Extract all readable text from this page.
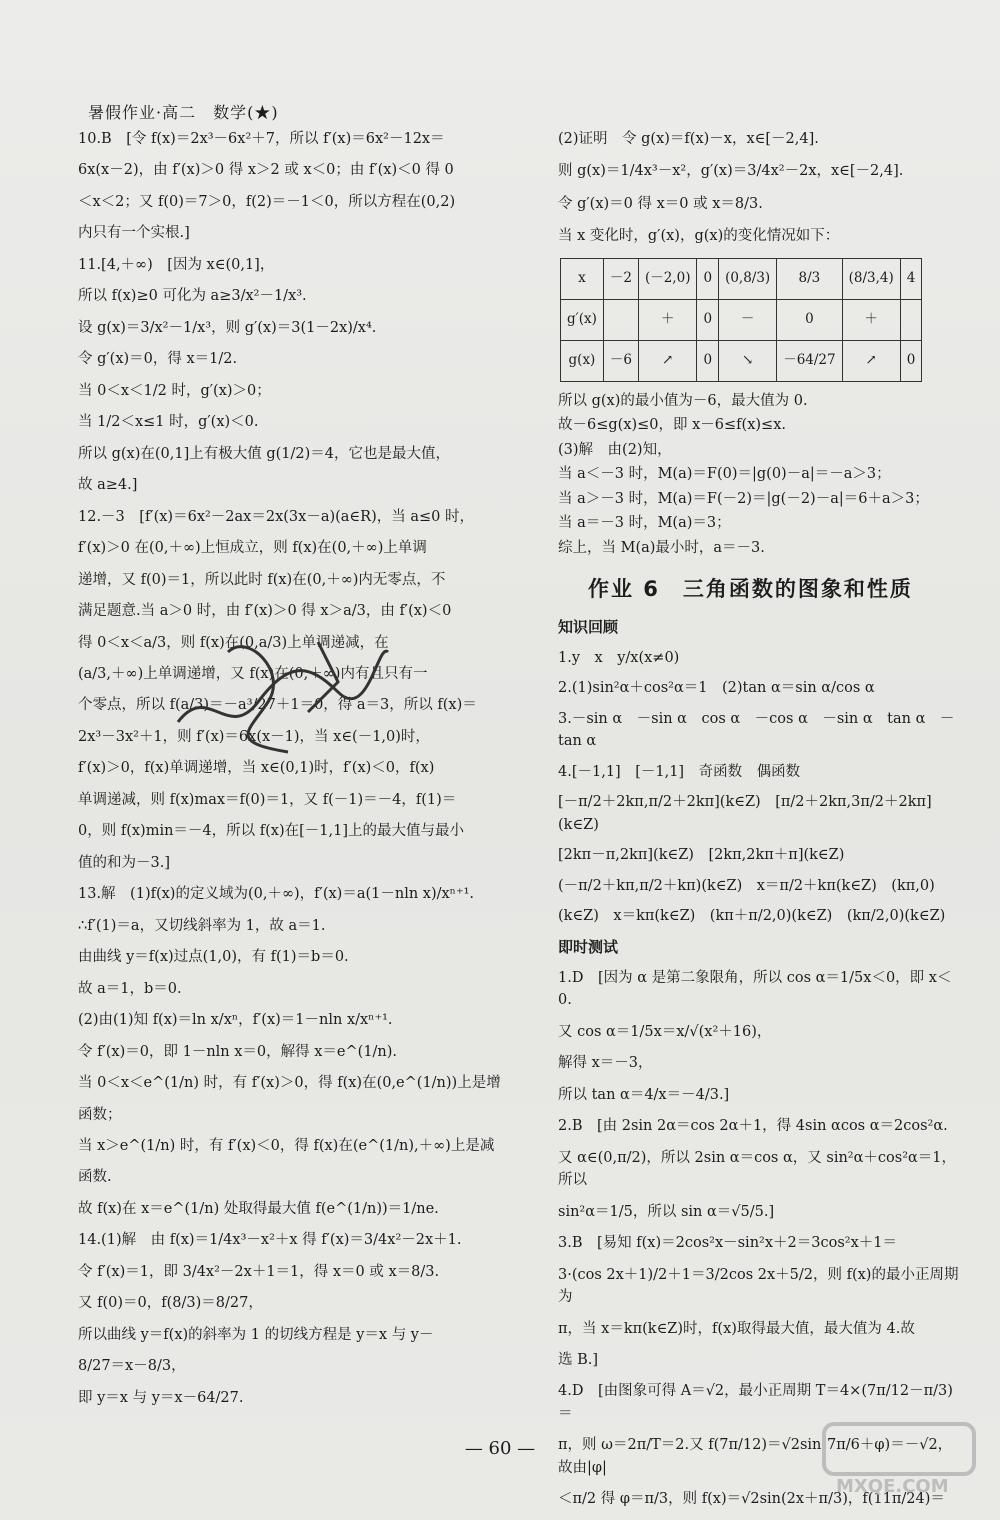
暑假作业·高二　数学(★)
10.B　[令 f(x)＝2x³－6x²＋7，所以 f′(x)＝6x²－12x＝
6x(x－2)，由 f′(x)＞0 得 x＞2 或 x＜0；由 f′(x)＜0 得 0
＜x＜2；又 f(0)＝7＞0，f(2)＝－1＜0，所以方程在(0,2)
内只有一个实根.]
11.[4,＋∞)　[因为 x∈(0,1]，
所以 f(x)≥0 可化为 a≥3/x²－1/x³.
设 g(x)＝3/x²－1/x³，则 g′(x)＝3(1－2x)/x⁴.
令 g′(x)＝0，得 x＝1/2.
当 0＜x＜1/2 时，g′(x)＞0；
当 1/2＜x≤1 时，g′(x)＜0.
所以 g(x)在(0,1]上有极大值 g(1/2)＝4，它也是最大值，
故 a≥4.]
12.－3　[f′(x)＝6x²－2ax＝2x(3x－a)(a∈R)，当 a≤0 时，
f′(x)＞0 在(0,＋∞)上恒成立，则 f(x)在(0,＋∞)上单调
递增，又 f(0)＝1，所以此时 f(x)在(0,＋∞)内无零点，不
满足题意.当 a＞0 时，由 f′(x)＞0 得 x＞a/3，由 f′(x)＜0
得 0＜x＜a/3，则 f(x)在(0,a/3)上单调递减，在
(a/3,＋∞)上单调递增，又 f(x)在(0,＋∞)内有且只有一
个零点，所以 f(a/3)＝－a³/27＋1＝0，得 a＝3，所以 f(x)＝
2x³－3x²＋1，则 f′(x)＝6x(x－1)，当 x∈(－1,0)时，
f′(x)＞0，f(x)单调递增，当 x∈(0,1)时，f′(x)＜0，f(x)
单调递减，则 f(x)max＝f(0)＝1，又 f(－1)＝－4，f(1)＝
0，则 f(x)min＝－4，所以 f(x)在[－1,1]上的最大值与最小
值的和为－3.]
13.解　(1)f(x)的定义域为(0,＋∞)，f′(x)＝a(1－nln x)/xⁿ⁺¹.
∴f′(1)＝a，又切线斜率为 1，故 a＝1.
由曲线 y＝f(x)过点(1,0)，有 f(1)＝b＝0.
故 a＝1，b＝0.
(2)由(1)知 f(x)＝ln x/xⁿ，f′(x)＝1－nln x/xⁿ⁺¹.
令 f′(x)＝0，即 1－nln x＝0，解得 x＝e^(1/n).
当 0＜x＜e^(1/n) 时，有 f′(x)＞0，得 f(x)在(0,e^(1/n))上是增
函数；
当 x＞e^(1/n) 时，有 f′(x)＜0，得 f(x)在(e^(1/n),＋∞)上是减
函数.
故 f(x)在 x＝e^(1/n) 处取得最大值 f(e^(1/n))＝1/ne.
14.(1)解　由 f(x)＝1/4x³－x²＋x 得 f′(x)＝3/4x²－2x＋1.
令 f′(x)＝1，即 3/4x²－2x＋1＝1，得 x＝0 或 x＝8/3.
又 f(0)＝0，f(8/3)＝8/27，
所以曲线 y＝f(x)的斜率为 1 的切线方程是 y＝x 与 y－
8/27＝x－8/3，
即 y＝x 与 y＝x－64/27.
(2)证明　令 g(x)＝f(x)－x，x∈[－2,4].
则 g(x)＝1/4x³－x²，g′(x)＝3/4x²－2x，x∈[－2,4].
令 g′(x)＝0 得 x＝0 或 x＝8/3.
当 x 变化时，g′(x)，g(x)的变化情况如下：
x	－2	(－2,0)	0	(0,8/3)	8/3	(8/3,4)	4
g′(x)		＋	0	－	0	＋	
g(x)	－6	↗	0	↘	－64/27	↗	0
所以 g(x)的最小值为－6，最大值为 0.
故－6≤g(x)≤0，即 x－6≤f(x)≤x.
(3)解　由(2)知，
当 a＜－3 时，M(a)＝F(0)＝|g(0)－a|＝－a＞3；
当 a＞－3 时，M(a)＝F(－2)＝|g(－2)－a|＝6＋a＞3；
当 a＝－3 时，M(a)＝3；
综上，当 M(a)最小时，a＝－3.
作业 6　三角函数的图象和性质
知识回顾
1.y　x　y/x(x≠0)
2.(1)sin²α＋cos²α＝1　(2)tan α＝sin α/cos α
3.－sin α　－sin α　cos α　－cos α　－sin α　tan α　－tan α
4.[－1,1]　[－1,1]　奇函数　偶函数
[－π/2＋2kπ,π/2＋2kπ](k∈Z)　[π/2＋2kπ,3π/2＋2kπ](k∈Z)
[2kπ－π,2kπ](k∈Z)　[2kπ,2kπ＋π](k∈Z)
(－π/2＋kπ,π/2＋kπ)(k∈Z)　x＝π/2＋kπ(k∈Z)　(kπ,0)
(k∈Z)　x＝kπ(k∈Z)　(kπ＋π/2,0)(k∈Z)　(kπ/2,0)(k∈Z)
即时测试
1.D　[因为 α 是第二象限角，所以 cos α＝1/5x＜0，即 x＜0.
又 cos α＝1/5x＝x/√(x²＋16)，
解得 x＝－3，
所以 tan α＝4/x＝－4/3.]
2.B　[由 2sin 2α＝cos 2α＋1，得 4sin αcos α＝2cos²α.
又 α∈(0,π/2)，所以 2sin α＝cos α，又 sin²α＋cos²α＝1，所以
sin²α＝1/5，所以 sin α＝√5/5.]
3.B　[易知 f(x)＝2cos²x－sin²x＋2＝3cos²x＋1＝
3·(cos 2x＋1)/2＋1＝3/2cos 2x＋5/2，则 f(x)的最小正周期为
π，当 x＝kπ(k∈Z)时，f(x)取得最大值，最大值为 4.故
选 B.]
4.D　[由图象可得 A＝√2，最小正周期 T＝4×(7π/12－π/3)＝
π，则 ω＝2π/T＝2.又 f(7π/12)＝√2sin(7π/6＋φ)＝－√2，故由|φ|
＜π/2 得 φ＝π/3，则 f(x)＝√2sin(2x＋π/3)，f(11π/24)＝
— 60 —
MXQE.COM
